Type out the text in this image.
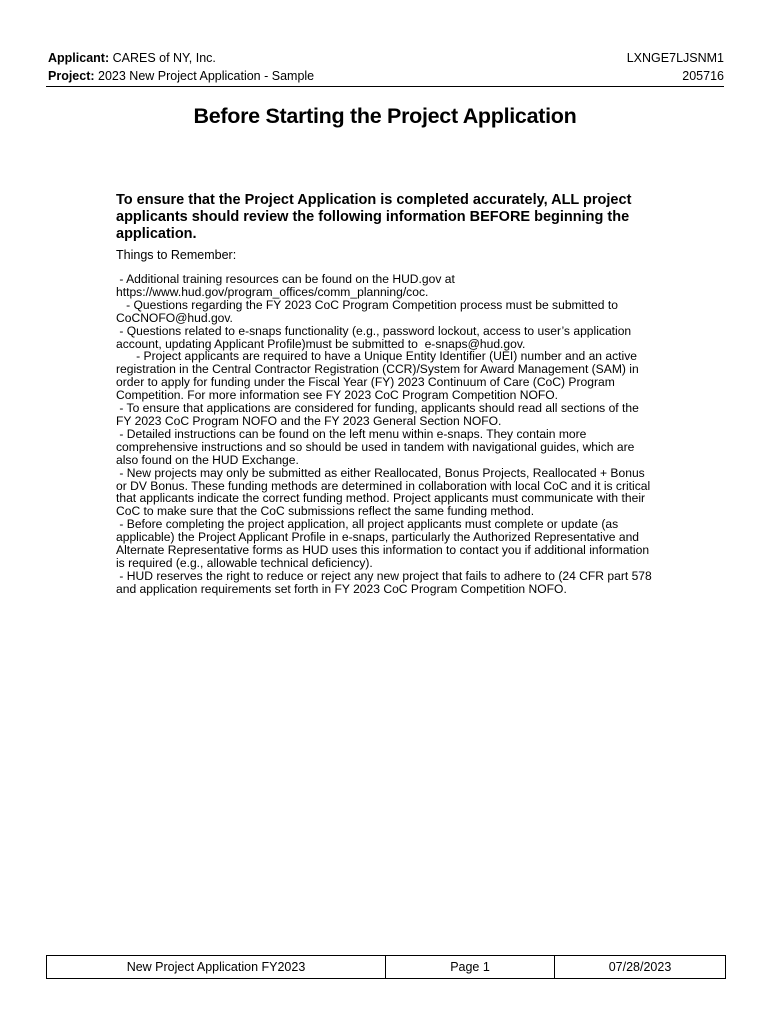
Applicant: CARES of NY, Inc.	LXNGE7LJSNM1
Project: 2023 New Project Application - Sample	205716
Before Starting the Project Application
To ensure that the Project Application is completed accurately, ALL project applicants should review the following information BEFORE beginning the application.
Things to Remember:
- Additional training resources can be found on the HUD.gov at https://www.hud.gov/program_offices/comm_planning/coc.
- Questions regarding the FY 2023 CoC Program Competition process must be submitted to CoCNOFO@hud.gov.
- Questions related to e-snaps functionality (e.g., password lockout, access to user’s application account, updating Applicant Profile)must be submitted to  e-snaps@hud.gov.
- Project applicants are required to have a Unique Entity Identifier (UEI) number and an active registration in the Central Contractor Registration (CCR)/System for Award Management (SAM) in order to apply for funding under the Fiscal Year (FY) 2023 Continuum of Care (CoC) Program Competition. For more information see FY 2023 CoC Program Competition NOFO.
- To ensure that applications are considered for funding, applicants should read all sections of the FY 2023 CoC Program NOFO and the FY 2023 General Section NOFO.
- Detailed instructions can be found on the left menu within e-snaps. They contain more comprehensive instructions and so should be used in tandem with navigational guides, which are also found on the HUD Exchange.
- New projects may only be submitted as either Reallocated, Bonus Projects, Reallocated + Bonus or DV Bonus. These funding methods are determined in collaboration with local CoC and it is critical that applicants indicate the correct funding method. Project applicants must communicate with their CoC to make sure that the CoC submissions reflect the same funding method.
- Before completing the project application, all project applicants must complete or update (as applicable) the Project Applicant Profile in e-snaps, particularly the Authorized Representative and Alternate Representative forms as HUD uses this information to contact you if additional information is required (e.g., allowable technical deficiency).
- HUD reserves the right to reduce or reject any new project that fails to adhere to (24 CFR part 578 and application requirements set forth in FY 2023 CoC Program Competition NOFO.
New Project Application FY2023	Page 1	07/28/2023
